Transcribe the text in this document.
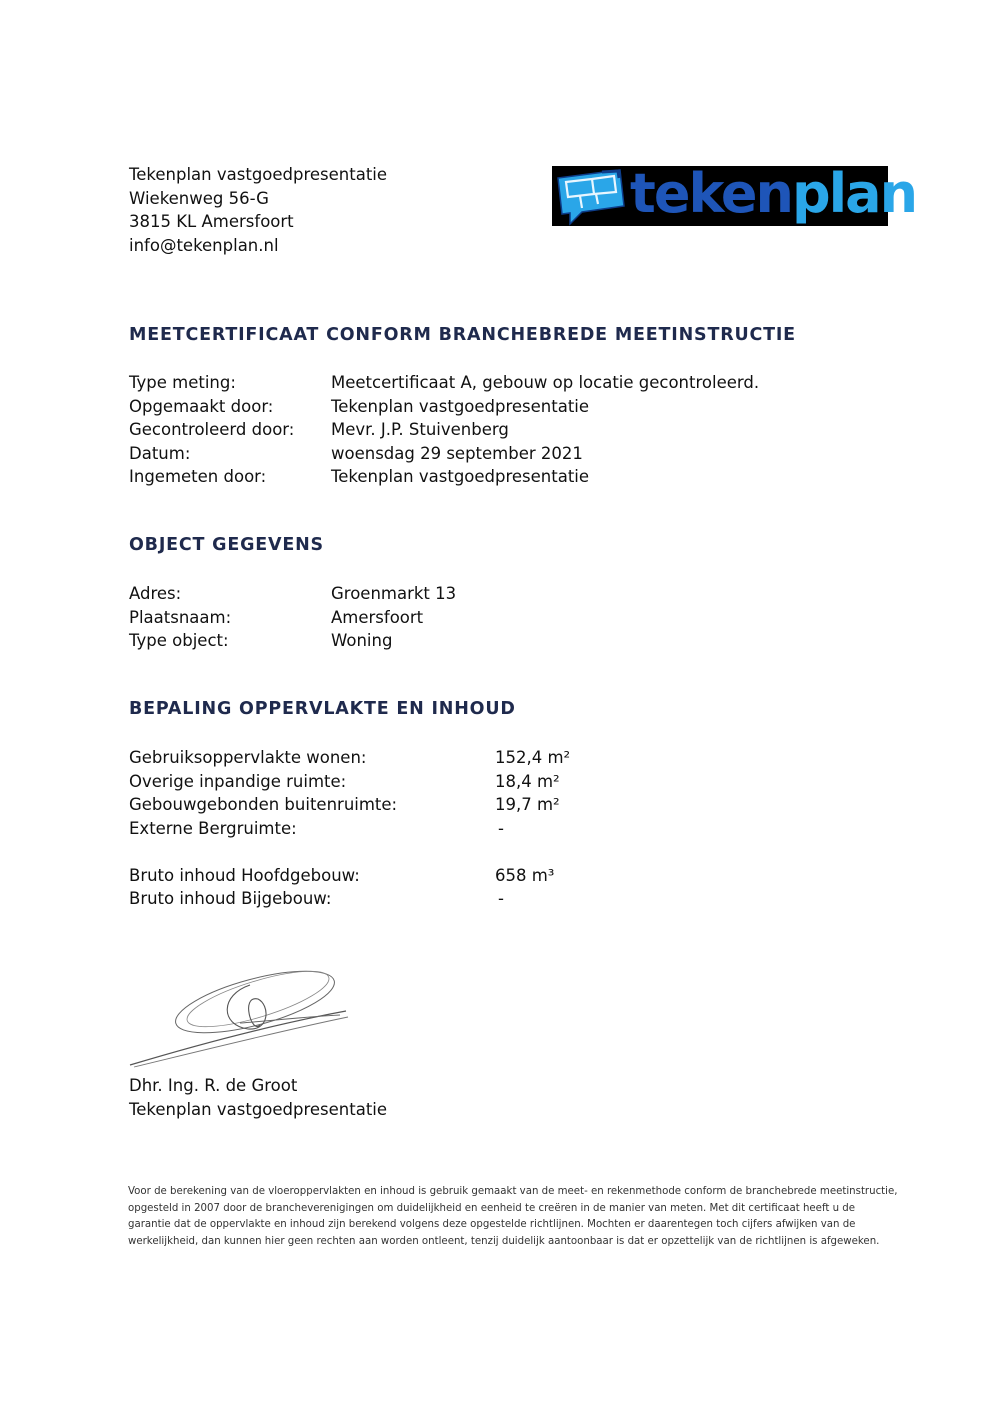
Tekenplan vastgoedpresentatie
Wiekenweg 56-G
3815 KL Amersfoort
info@tekenplan.nl
tekenplan
MEETCERTIFICAAT CONFORM BRANCHEBREDE MEETINSTRUCTIE
Type meting:	Meetcertificaat A, gebouw op locatie gecontroleerd.
Opgemaakt door:	Tekenplan vastgoedpresentatie
Gecontroleerd door:	Mevr. J.P. Stuivenberg
Datum:	woensdag 29 september 2021
Ingemeten door:	Tekenplan vastgoedpresentatie
OBJECT GEGEVENS
Adres:	Groenmarkt 13
Plaatsnaam:	Amersfoort
Type object:	Woning
BEPALING OPPERVLAKTE EN INHOUD
Gebruiksoppervlakte wonen:	152,4 m²
Overige inpandige ruimte:	18,4 m²
Gebouwgebonden buitenruimte:	19,7 m²
Externe Bergruimte:	-
Bruto inhoud Hoofdgebouw:	658 m³
Bruto inhoud Bijgebouw:	-
Dhr. Ing. R. de Groot
Tekenplan vastgoedpresentatie
Voor de berekening van de vloeroppervlakten en inhoud is gebruik gemaakt van de meet- en rekenmethode conform de branchebrede meetinstructie, opgesteld in 2007 door de brancheverenigingen om duidelijkheid en eenheid te creëren in de manier van meten. Met dit certificaat heeft u de garantie dat de oppervlakte en inhoud zijn berekend volgens deze opgestelde richtlijnen. Mochten er daarentegen toch cijfers afwijken van de werkelijkheid, dan kunnen hier geen rechten aan worden ontleent, tenzij duidelijk aantoonbaar is dat er opzettelijk van de richtlijnen is afgeweken.
